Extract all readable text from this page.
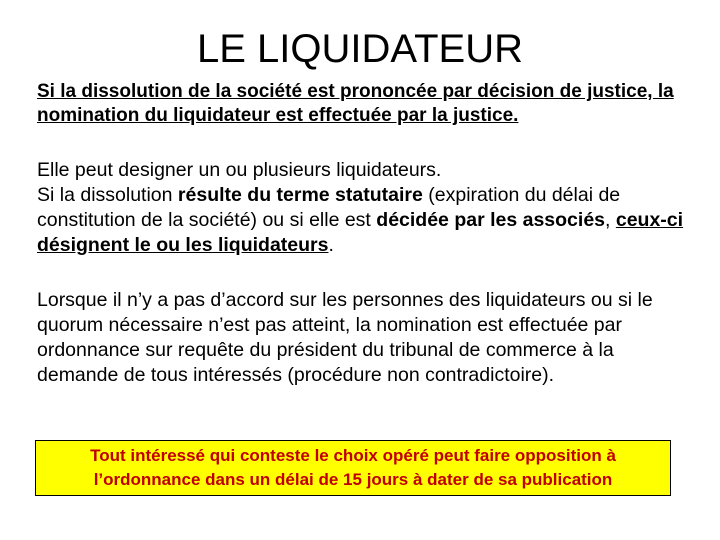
LE LIQUIDATEUR
Si la dissolution de la société est prononcée par décision de justice, la nomination du liquidateur est effectuée par la justice.
Elle peut designer un ou plusieurs liquidateurs.
Si la dissolution résulte du terme statutaire (expiration du délai de constitution de la société) ou si elle est décidée par les associés, ceux-ci désignent le ou les liquidateurs.
Lorsque il n’y a pas d’accord sur les personnes des liquidateurs ou si le quorum nécessaire n’est pas atteint, la nomination est effectuée par ordonnance sur requête du président du tribunal de commerce à la demande de tous intéressés (procédure non contradictoire).
Tout intéressé qui conteste le choix opéré peut faire opposition à
l’ordonnance dans un délai de 15 jours à dater de sa publication
